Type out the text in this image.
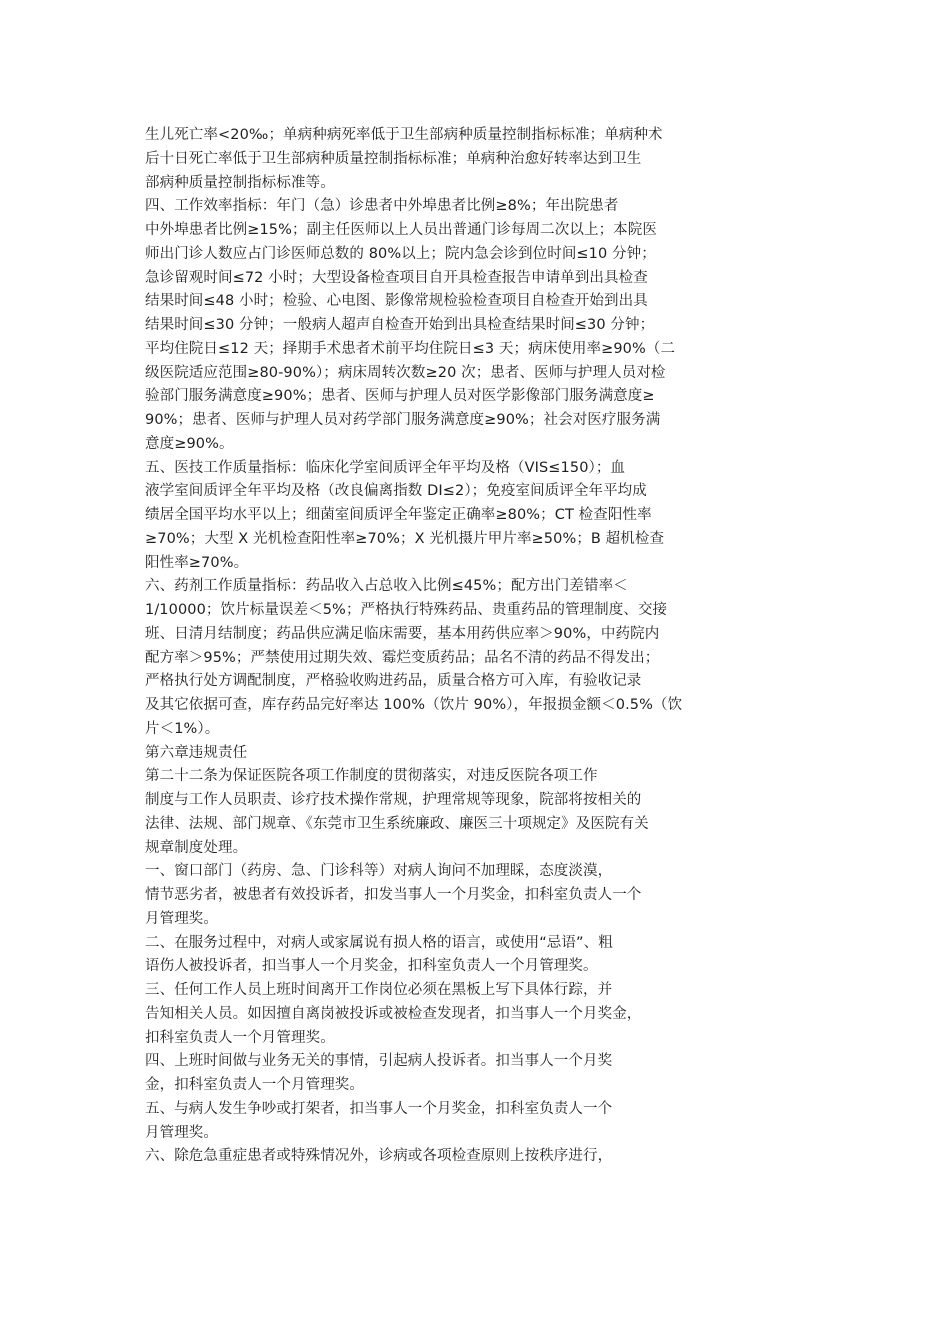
生儿死亡率<20‰；单病种病死率低于卫生部病种质量控制指标标准；单病种术
后十日死亡率低于卫生部病种质量控制指标标准；单病种治愈好转率达到卫生
部病种质量控制指标标准等。
四、工作效率指标：年门（急）诊患者中外埠患者比例≥8%；年出院患者
中外埠患者比例≥15%；副主任医师以上人员出普通门诊每周二次以上；本院医
师出门诊人数应占门诊医师总数的 80%以上；院内急会诊到位时间≤10 分钟；
急诊留观时间≤72 小时；大型设备检查项目自开具检查报告申请单到出具检查
结果时间≤48 小时；检验、心电图、影像常规检验检查项目自检查开始到出具
结果时间≤30 分钟；一般病人超声自检查开始到出具检查结果时间≤30 分钟；
平均住院日≤12 天；择期手术患者术前平均住院日≤3 天；病床使用率≥90%（二
级医院适应范围≥80-90%）；病床周转次数≥20 次；患者、医师与护理人员对检
验部门服务满意度≥90%；患者、医师与护理人员对医学影像部门服务满意度≥
90%；患者、医师与护理人员对药学部门服务满意度≥90%；社会对医疗服务满
意度≥90%。
五、医技工作质量指标：临床化学室间质评全年平均及格（VIS≤150）；血
液学室间质评全年平均及格（改良偏离指数 DI≤2）；免疫室间质评全年平均成
绩居全国平均水平以上；细菌室间质评全年鉴定正确率≥80%；CT 检查阳性率
≥70%；大型 X 光机检查阳性率≥70%；X 光机摄片甲片率≥50%；B 超机检查
阳性率≥70%。
六、药剂工作质量指标：药品收入占总收入比例≤45%；配方出门差错率＜
1/10000；饮片标量误差＜5%；严格执行特殊药品、贵重药品的管理制度、交接
班、日清月结制度；药品供应满足临床需要，基本用药供应率＞90%，中药院内
配方率＞95%；严禁使用过期失效、霉烂变质药品；品名不清的药品不得发出；
严格执行处方调配制度，严格验收购进药品，质量合格方可入库，有验收记录
及其它依据可查，库存药品完好率达 100%（饮片 90%），年报损金额＜0.5%（饮
片＜1%）。
第六章违规责任
第二十二条为保证医院各项工作制度的贯彻落实，对违反医院各项工作
制度与工作人员职责、诊疗技术操作常规，护理常规等现象，院部将按相关的
法律、法规、部门规章、《东莞市卫生系统廉政、廉医三十项规定》及医院有关
规章制度处理。
一、窗口部门（药房、急、门诊科等）对病人询问不加理睬，态度淡漠，
情节恶劣者，被患者有效投诉者，扣发当事人一个月奖金，扣科室负责人一个
月管理奖。
二、在服务过程中，对病人或家属说有损人格的语言，或使用“忌语”、粗
语伤人被投诉者，扣当事人一个月奖金，扣科室负责人一个月管理奖。
三、任何工作人员上班时间离开工作岗位必须在黑板上写下具体行踪，并
告知相关人员。如因擅自离岗被投诉或被检查发现者，扣当事人一个月奖金，
扣科室负责人一个月管理奖。
四、上班时间做与业务无关的事情，引起病人投诉者。扣当事人一个月奖
金，扣科室负责人一个月管理奖。
五、与病人发生争吵或打架者，扣当事人一个月奖金，扣科室负责人一个
月管理奖。
六、除危急重症患者或特殊情况外，诊病或各项检查原则上按秩序进行，
